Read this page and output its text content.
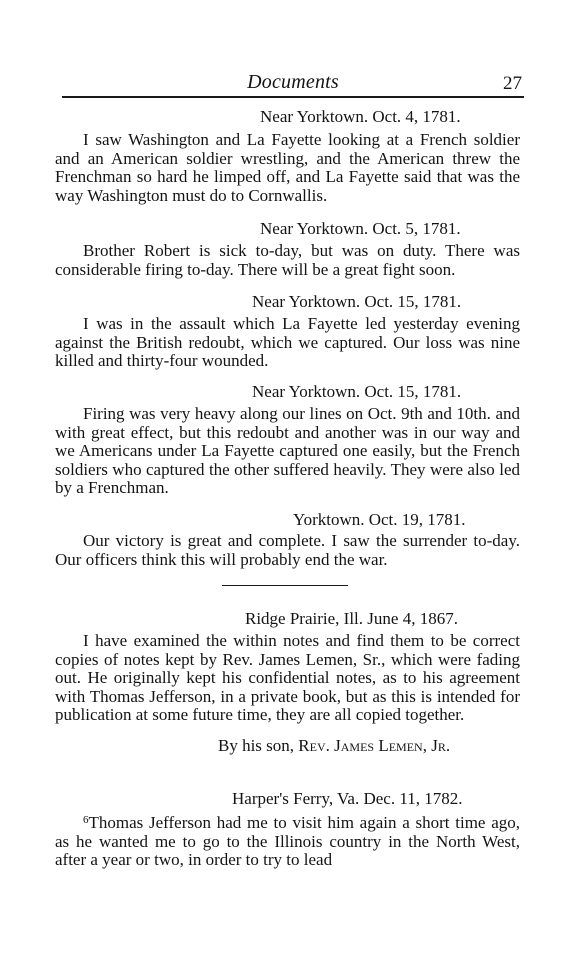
Documents	27
Near Yorktown. Oct. 4, 1781.

I saw Washington and La Fayette looking at a French soldier and an American soldier wrestling, and the American threw the Frenchman so hard he limped off, and La Fayette said that was the way Washington must do to Cornwallis.

Near Yorktown. Oct. 5, 1781.

Brother Robert is sick to-day, but was on duty. There was considerable firing to-day. There will be a great fight soon.

Near Yorktown. Oct. 15, 1781.

I was in the assault which La Fayette led yesterday evening against the British redoubt, which we captured. Our loss was nine killed and thirty-four wounded.

Near Yorktown. Oct. 15, 1781.

Firing was very heavy along our lines on Oct. 9th and 10th. and with great effect, but this redoubt and another was in our way and we Americans under La Fayette captured one easily, but the French soldiers who captured the other suffered heavily. They were also led by a Frenchman.

Yorktown. Oct. 19, 1781.

Our victory is great and complete. I saw the surrender to-day. Our officers think this will probably end the war.

Ridge Prairie, Ill. June 4, 1867.

I have examined the within notes and find them to be correct copies of notes kept by Rev. James Lemen, Sr., which were fading out. He originally kept his confidential notes, as to his agreement with Thomas Jefferson, in a private book, but as this is intended for publication at some future time, they are all copied together.

By his son, Rev. James Lemen, Jr.
Harper's Ferry, Va. Dec. 11, 1782.

$^6$Thomas Jefferson had me to visit him again a short time ago, as he wanted me to go to the Illinois country in the North West, after a year or two, in order to try to lead
